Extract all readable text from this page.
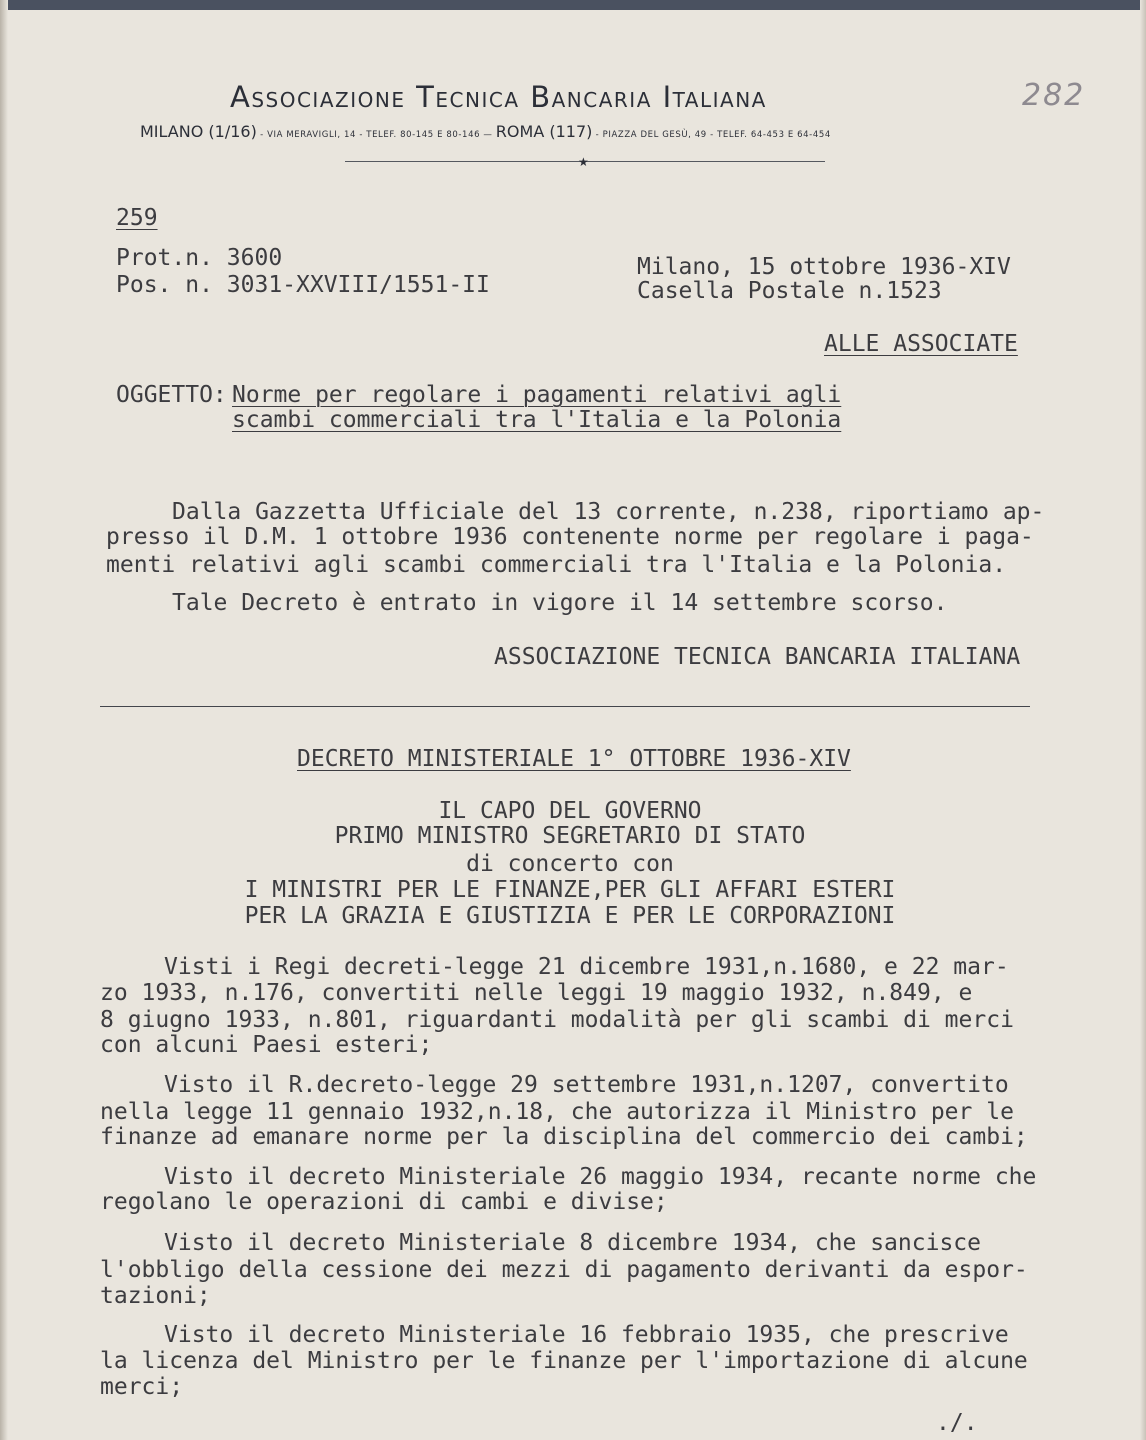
Associazione Tecnica Bancaria Italiana
MILANO (1/16) - VIA MERAVIGLI, 14 - TELEF. 80-145 E 80-146 — ROMA (117) - PIAZZA DEL GESÙ, 49 - TELEF. 64-453 E 64-454
★
282
259
Prot.n. 3600
Pos. n. 3031-XXVIII/1551-II
Milano, 15 ottobre 1936-XIV
Casella Postale n.1523
ALLE ASSOCIATE
OGGETTO: Norme per regolare i pagamenti relativi agli
scambi commerciali tra l'Italia e la Polonia
Dalla Gazzetta Ufficiale del 13 corrente, n.238, riportiamo ap-
presso il D.M. 1 ottobre 1936 contenente norme per regolare i paga-
menti relativi agli scambi commerciali tra l'Italia e la Polonia.
Tale Decreto è entrato in vigore il 14 settembre scorso.
ASSOCIAZIONE TECNICA BANCARIA ITALIANA
DECRETO MINISTERIALE 1° OTTOBRE 1936-XIV
IL CAPO DEL GOVERNO
PRIMO MINISTRO SEGRETARIO DI STATO
di concerto con
I MINISTRI PER LE FINANZE,PER GLI AFFARI ESTERI
PER LA GRAZIA E GIUSTIZIA E PER LE CORPORAZIONI
Visti i Regi decreti-legge 21 dicembre 1931,n.1680, e 22 mar-
zo 1933, n.176, convertiti nelle leggi 19 maggio 1932, n.849, e
8 giugno 1933, n.801, riguardanti modalità per gli scambi di merci
con alcuni Paesi esteri;
Visto il R.decreto-legge 29 settembre 1931,n.1207, convertito
nella legge 11 gennaio 1932,n.18, che autorizza il Ministro per le
finanze ad emanare norme per la disciplina del commercio dei cambi;
Visto il decreto Ministeriale 26 maggio 1934, recante norme che
regolano le operazioni di cambi e divise;
Visto il decreto Ministeriale 8 dicembre 1934, che sancisce
l'obbligo della cessione dei mezzi di pagamento derivanti da espor-
tazioni;
Visto il decreto Ministeriale 16 febbraio 1935, che prescrive
la licenza del Ministro per le finanze per l'importazione di alcune
merci;
./.
